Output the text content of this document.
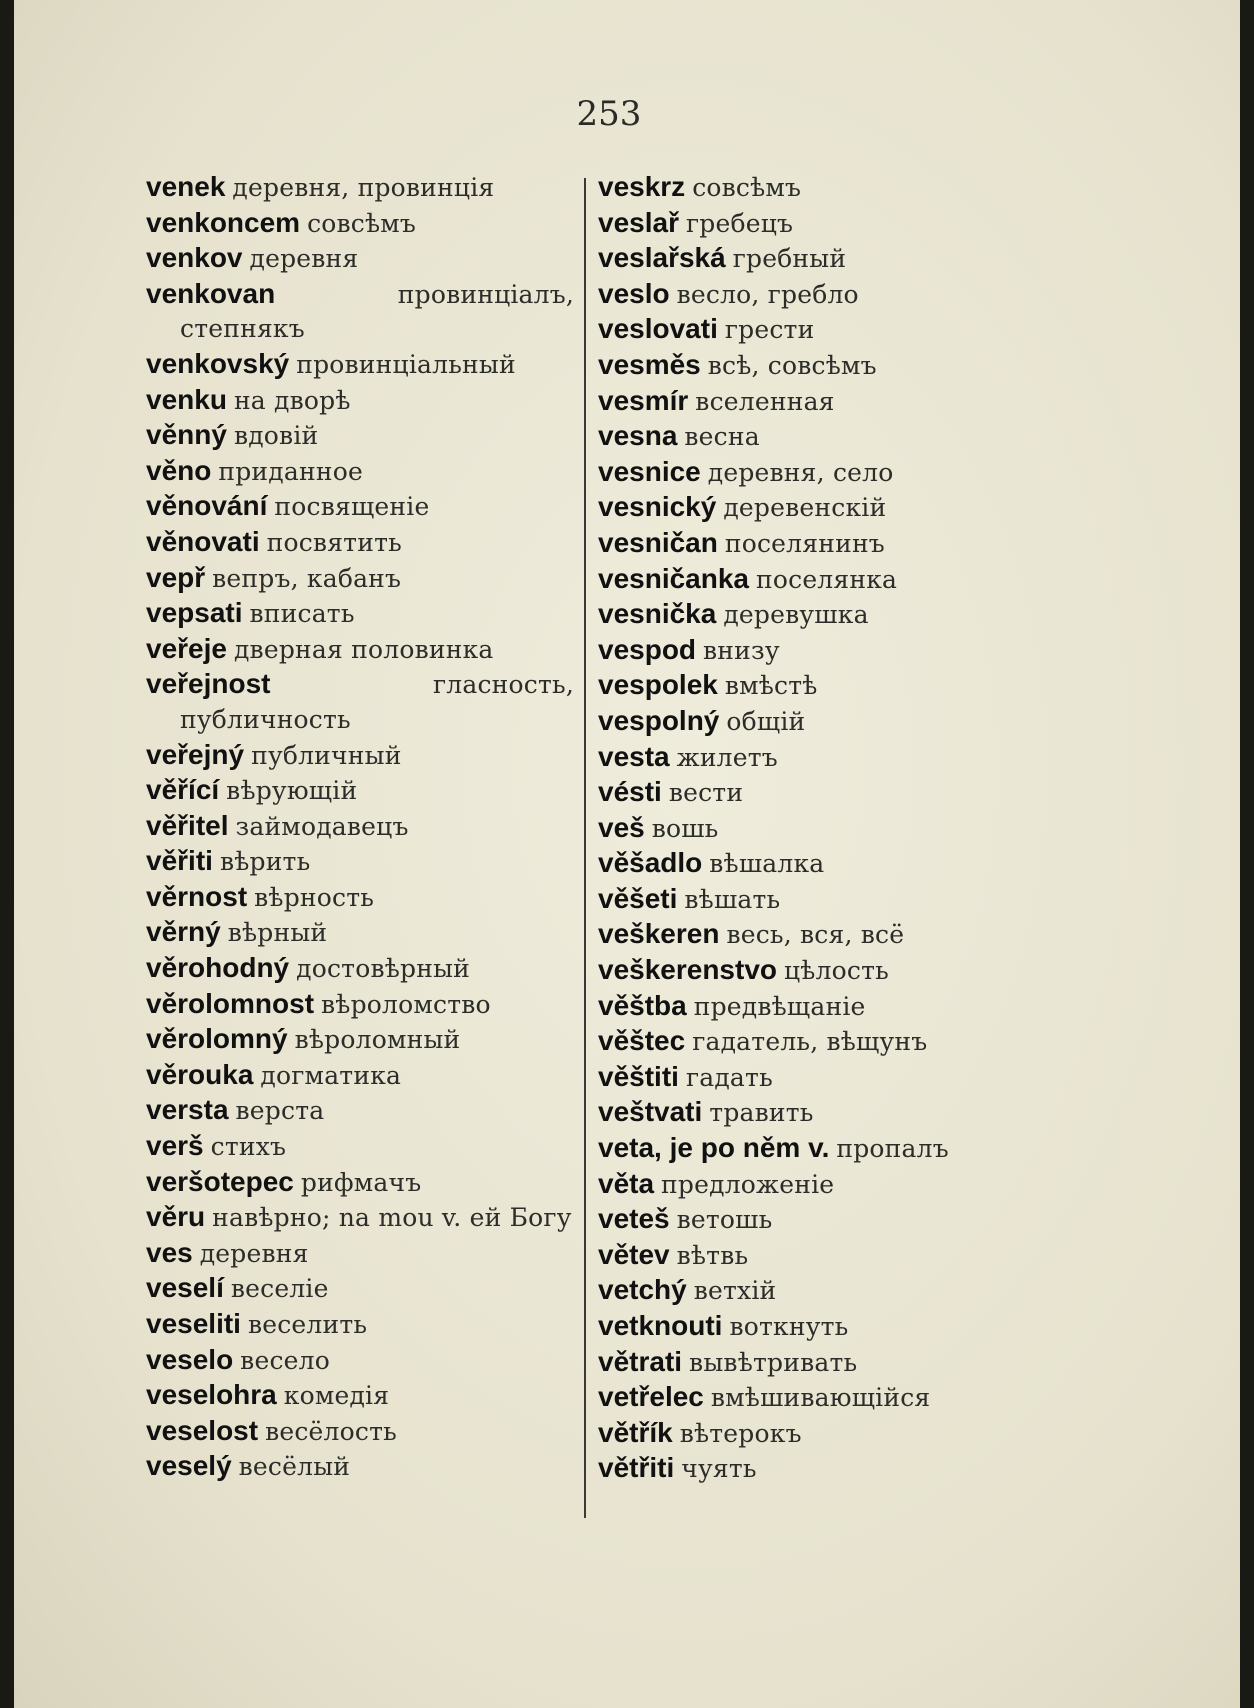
253

venek деревня, провинція

venkoncem совсѣмъ

venkov деревня

venkovan	провинціалъ, степнякъ

venkovský провинціальный

venku на дворѣ

věnný вдовій

věno приданное

věnování посвященіе

věnovati посвятить

vepř вепръ, кабанъ

vepsati вписать

veřeje дверная половинка

veřejnost	гласность, публичность

veřejný публичный

věřící вѣрующій

věřitel займодавецъ

věřiti вѣрить

věrnost вѣрность

věrný вѣрный

věrohodný достовѣрный

věrolomnost вѣроломство

věrolomný вѣроломный

věrouka догматика

versta верста

verš стихъ

veršotepec рифмачъ

věru навѣрно; na mou v. ей Богу

ves деревня

veselí веселіе

veseliti веселить

veselo весело

veselohra комедія

veselost весёлость

veselý весёлый

veskrz совсѣмъ

veslař гребецъ

veslařská гребный

veslo весло, гребло

veslovati грести

vesměs всѣ, совсѣмъ

vesmír вселенная

vesna весна

vesnice деревня, село

vesnický деревенскій

vesničan поселянинъ

vesničanka поселянка

vesnička деревушка

vespod внизу

vespolek вмѣстѣ

vespolný общій

vesta жилетъ

vésti вести

veš вошь

věšadlo вѣшалка

věšeti вѣшать

veškeren весь, вся, всё

veškerenstvo цѣлость

věštba предвѣщаніе

věštec гадатель, вѣщунъ

věštiti гадать

veštvati травить

veta, je po něm v. пропалъ

věta предложеніе

veteš ветошь

větev вѣтвь

vetchý ветхій

vetknouti воткнуть

větrati вывѣтривать

vetřelec вмѣшивающійся

větřík вѣтерокъ

větřiti чуять
